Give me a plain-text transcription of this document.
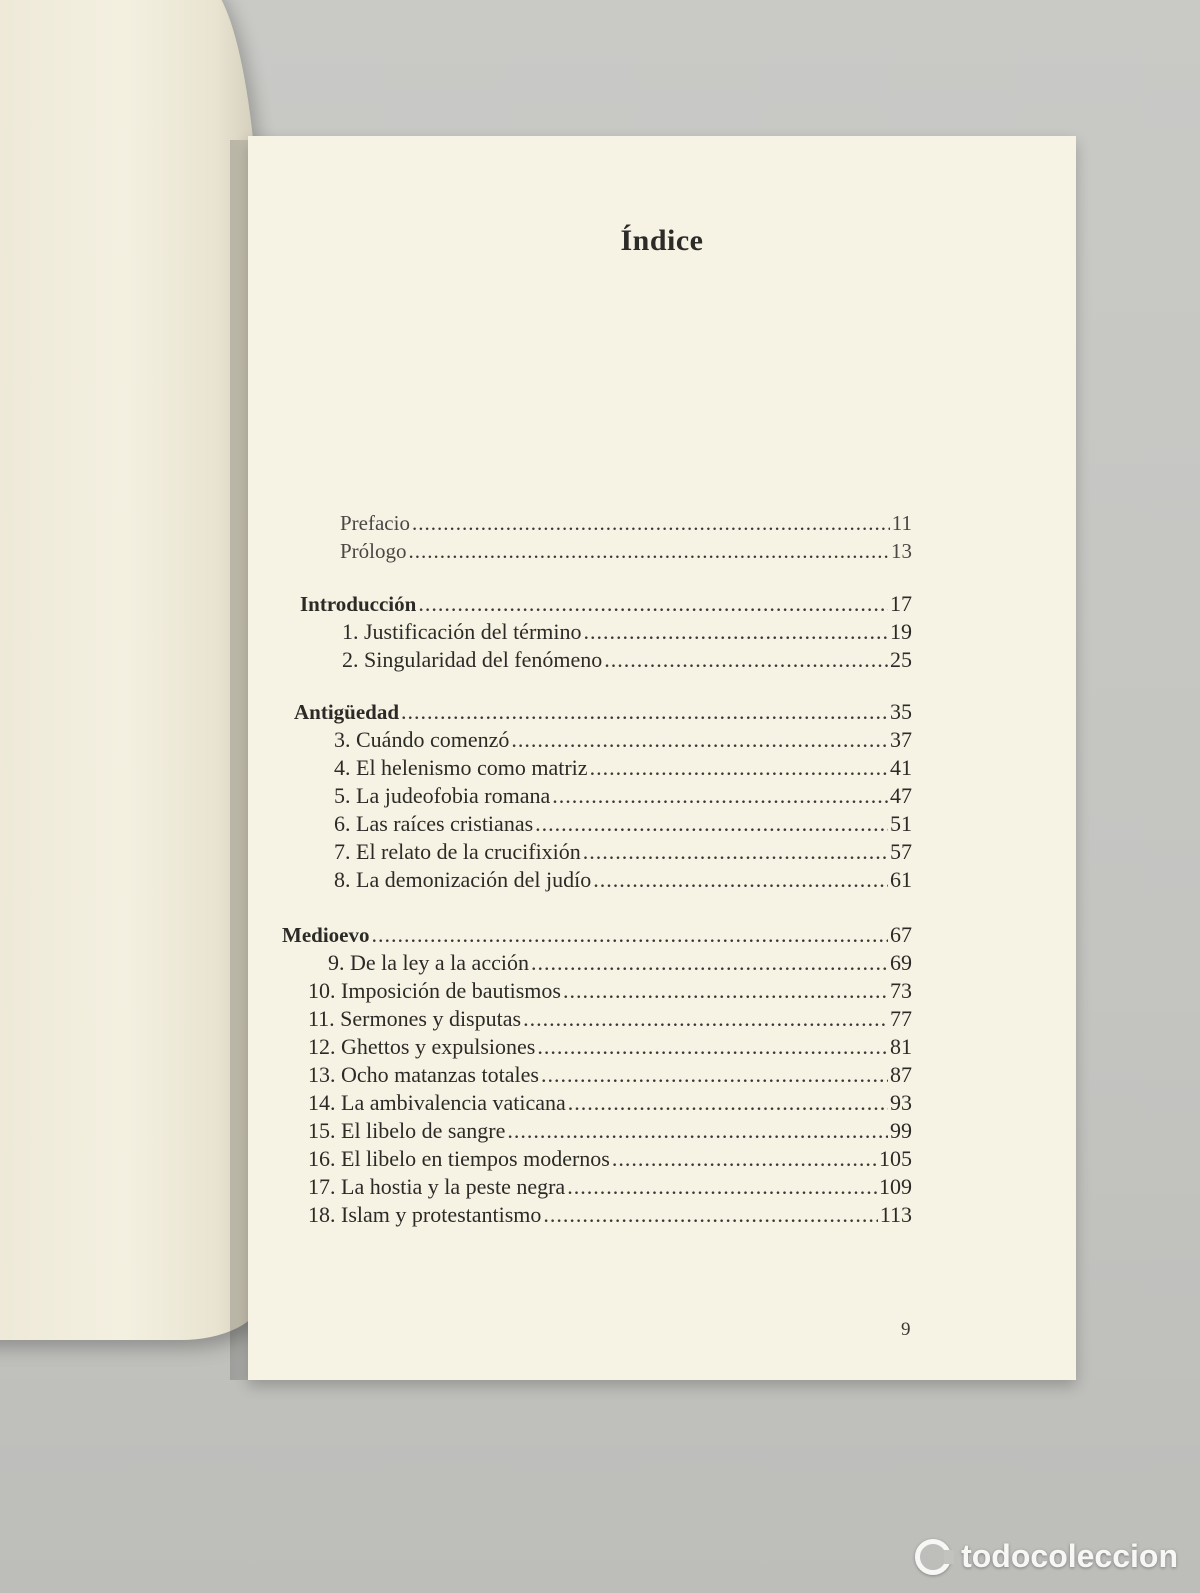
Índice
Prefacio .....	11
Prólogo .....	13
Introducción .....	17
1. Justificación del término .....	19
2. Singularidad del fenómeno .....	25
Antigüedad .....	35
3. Cuándo comenzó .....	37
4. El helenismo como matriz .....	41
5. La judeofobia romana .....	47
6. Las raíces cristianas .....	51
7. El relato de la crucifixión .....	57
8. La demonización del judío .....	61
Medioevo .....	67
9. De la ley a la acción .....	69
10. Imposición de bautismos .....	73
11. Sermones y disputas .....	77
12. Ghettos y expulsiones .....	81
13. Ocho matanzas totales .....	87
14. La ambivalencia vaticana .....	93
15. El libelo de sangre .....	99
16. El libelo en tiempos modernos .....	105
17. La hostia y la peste negra .....	109
18. Islam y protestantismo .....	113
9
todocoleccion
